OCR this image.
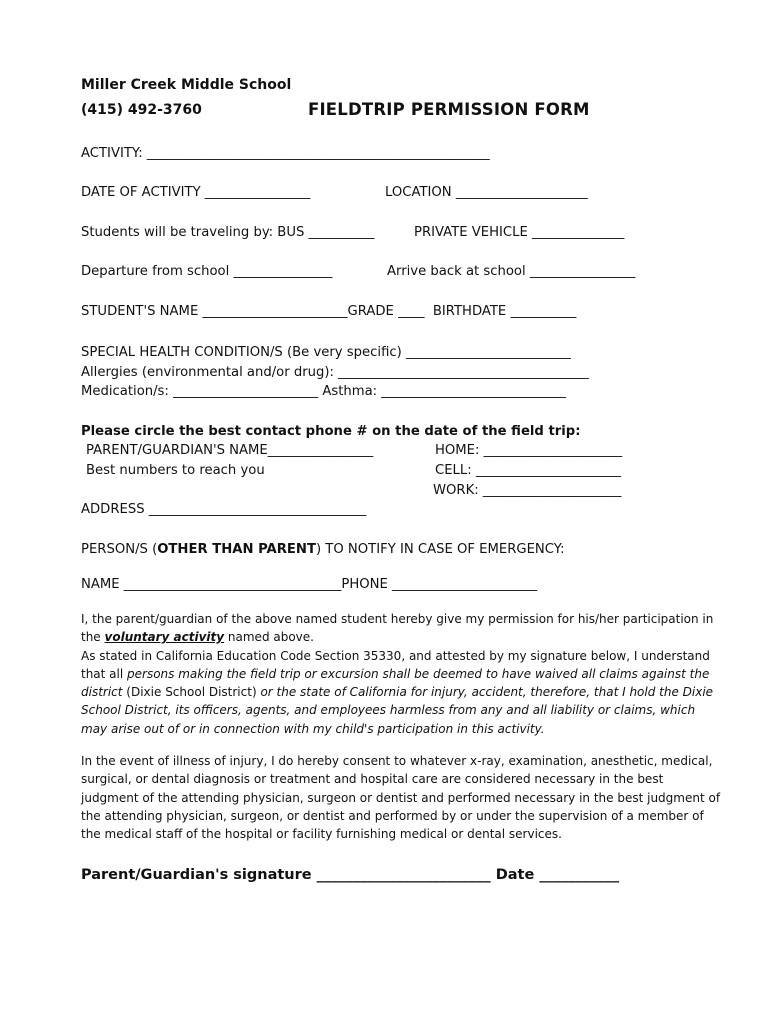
Miller Creek Middle School
(415) 492-3760	FIELDTRIP PERMISSION FORM
ACTIVITY: ____________________________________________________
DATE OF ACTIVITY ________________	LOCATION ____________________
Students will be traveling by: BUS __________	PRIVATE VEHICLE ______________
Departure from school _______________	Arrive back at school ________________
STUDENT'S NAME ______________________GRADE ____  BIRTHDATE __________
SPECIAL HEALTH CONDITION/S (Be very specific) _________________________
Allergies (environmental and/or drug): ______________________________________
Medication/s: ______________________ Asthma: ____________________________
Please circle the best contact phone # on the date of the field trip:
PARENT/GUARDIAN'S NAME________________	HOME: _____________________
Best numbers to reach you	CELL: ______________________
WORK: _____________________
ADDRESS _________________________________
PERSON/S (OTHER THAN PARENT) TO NOTIFY IN CASE OF EMERGENCY:
NAME _________________________________PHONE ______________________

I, the parent/guardian of the above named student hereby give my permission for his/her participation in the voluntary activity named above.

As stated in California Education Code Section 35330, and attested by my signature below, I understand that all persons making the field trip or excursion shall be deemed to have waived all claims against the district (Dixie School District) or the state of California for injury, accident, therefore, that I hold the Dixie School District, its officers, agents, and employees harmless from any and all liability or claims, which may arise out of or in connection with my child's participation in this activity.

In the event of illness of injury, I do hereby consent to whatever x-ray, examination, anesthetic, medical, surgical, or dental diagnosis or treatment and hospital care are considered necessary in the best judgment of the attending physician, surgeon or dentist and performed necessary in the best judgment of the attending physician, surgeon, or dentist and performed by or under the supervision of a member of the medical staff of the hospital or facility furnishing medical or dental services.

Parent/Guardian's signature ________________________ Date ___________
